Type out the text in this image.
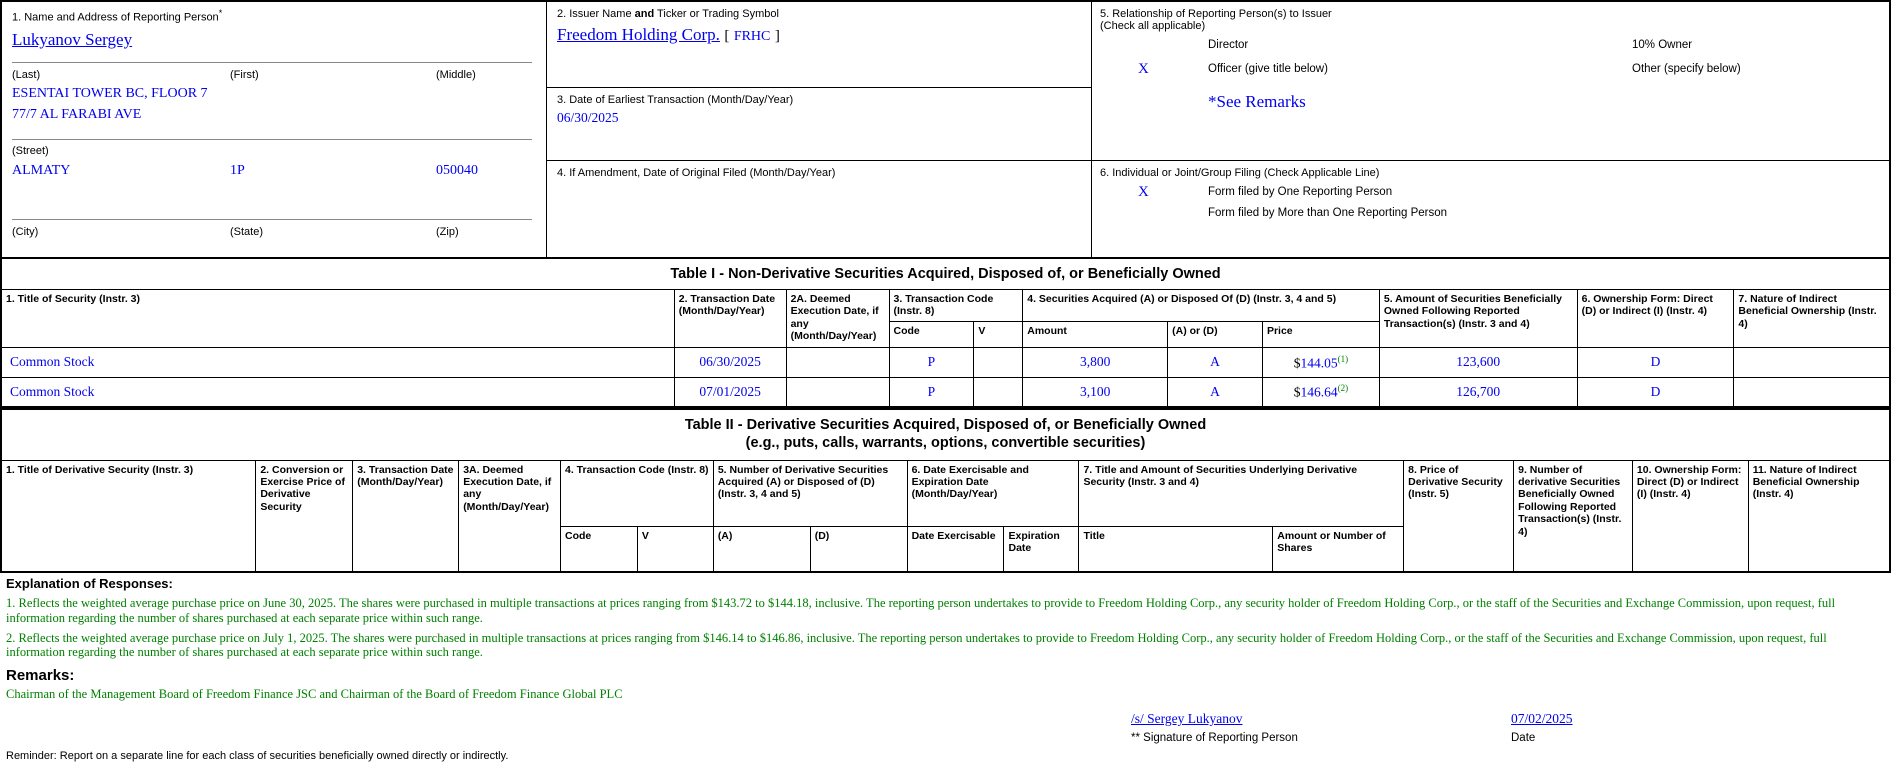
1. Name and Address of Reporting Person*
Lukyanov Sergey
(Last)	(First)	(Middle)
ESENTAI TOWER BC, FLOOR 7
77/7 AL FARABI AVE
(Street)
ALMATY	1P	050040
(City)	(State)	(Zip)
2. Issuer Name and Ticker or Trading Symbol
Freedom Holding Corp. [ FRHC ]
3. Date of Earliest Transaction (Month/Day/Year)
06/30/2025
4. If Amendment, Date of Original Filed (Month/Day/Year)
5. Relationship of Reporting Person(s) to Issuer
(Check all applicable)
Director	10% Owner
X	Officer (give title below)	Other (specify below)
*See Remarks
6. Individual or Joint/Group Filing (Check Applicable Line)
X	Form filed by One Reporting Person
Form filed by More than One Reporting Person
Table I - Non-Derivative Securities Acquired, Disposed of, or Beneficially Owned										
1. Title of Security (Instr. 3)	2. Transaction Date (Month/Day/Year)	2A. Deemed Execution Date, if any (Month/Day/Year)	3. Transaction Code (Instr. 8)		4. Securities Acquired (A) or Disposed Of (D) (Instr. 3, 4 and 5)			5. Amount of Securities Beneficially Owned Following Reported Transaction(s) (Instr. 3 and 4)	6. Ownership Form: Direct (D) or Indirect (I) (Instr. 4)	7. Nature of Indirect Beneficial Ownership (Instr. 4)
			Code	V	Amount	(A) or (D)	Price			
Common Stock	06/30/2025		P		3,800	A	$144.05$^{(1)}$	123,600	D	
Common Stock	07/01/2025		P		3,100	A	$146.64$^{(2)}$	126,700	D	
Table II - Derivative Securities Acquired, Disposed of, or Beneficially Owned
(e.g., puts, calls, warrants, options, convertible securities)															

1. Title of Derivative Security (Instr. 3)	2. Conversion or Exercise Price of Derivative Security	3. Transaction Date (Month/Day/Year)	3A. Deemed Execution Date, if any (Month/Day/Year)	4. Transaction Code (Instr. 8)		5. Number of Derivative Securities Acquired (A) or Disposed of (D) (Instr. 3, 4 and 5)		6. Date Exercisable and Expiration Date (Month/Day/Year)		7. Title and Amount of Securities Underlying Derivative Security (Instr. 3 and 4)		8. Price of Derivative Security (Instr. 5)	9. Number of derivative Securities Beneficially Owned Following Reported Transaction(s) (Instr. 4)	10. Ownership Form: Direct (D) or Indirect (I) (Instr. 4)	11. Nature of Indirect Beneficial Ownership (Instr. 4)
				Code	V	(A)	(D)	Date Exercisable	Expiration Date	Title	Amount or Number of Shares				
Explanation of Responses:
1. Reflects the weighted average purchase price on June 30, 2025. The shares were purchased in multiple transactions at prices ranging from $143.72 to $144.18, inclusive. The reporting person undertakes to provide to Freedom Holding Corp., any security holder of Freedom Holding Corp., or the staff of the Securities and Exchange Commission, upon request, full information regarding the number of shares purchased at each separate price within such range.
2. Reflects the weighted average purchase price on July 1, 2025. The shares were purchased in multiple transactions at prices ranging from $146.14 to $146.86, inclusive. The reporting person undertakes to provide to Freedom Holding Corp., any security holder of Freedom Holding Corp., or the staff of the Securities and Exchange Commission, upon request, full information regarding the number of shares purchased at each separate price within such range.
Remarks:
Chairman of the Management Board of Freedom Finance JSC and Chairman of the Board of Freedom Finance Global PLC
/s/ Sergey Lukyanov
** Signature of Reporting Person
07/02/2025
Date
Reminder: Report on a separate line for each class of securities beneficially owned directly or indirectly.
